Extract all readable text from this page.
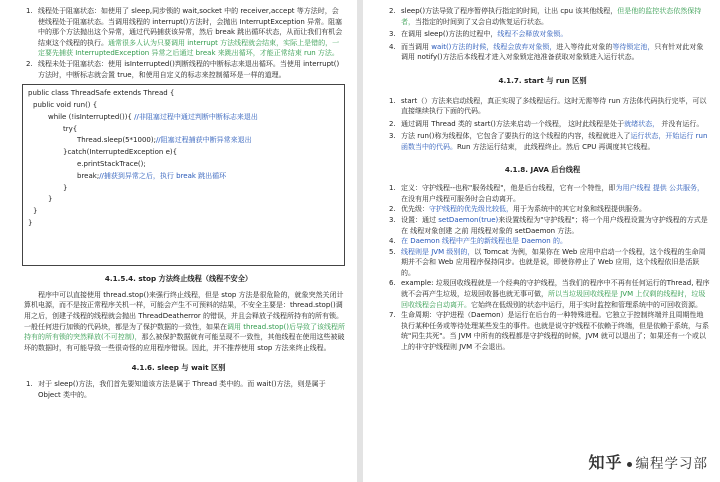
1. 线程处于阻塞状态：如使用了 sleep,同步锁的 wait,socket 中的 receiver,accept 等方法时，会使线程处于阻塞状态。当调用线程的 interrupt()方法时，会抛出 InterruptException 异常。阻塞中的那个方法抛出这个异常，通过代码捕获该异常，然后 break 跳出循环状态，从而让我们有机会结束这个线程的执行。通常很多人认为只要调用 interrupt 方法线程就会结束，实际上是错的，一定要先捕获 InterruptedException 异常之后通过 break 来跳出循环，才能正常结束 run 方法。
2. 线程未处于阻塞状态：使用 isInterrupted()判断线程的中断标志来退出循环。当使用 interrupt()方法时，中断标志就会置 true，和使用自定义的标志来控制循环是一样的道理。
public class ThreadSafe extends Thread {
public void run() {
while (!isInterrupted()){ //非阻塞过程中通过判断中断标志来退出
try{
Thread.sleep(5*1000);//阻塞过程捕获中断异常来退出
}catch(InterruptedException e){
e.printStackTrace();
break;//捕获到异常之后，执行 break 跳出循环
}
}
}
}
4.1.5.4. stop 方法终止线程（线程不安全）
程序中可以直接使用 thread.stop()来强行终止线程，但是 stop 方法是很危险的，就象突然关闭计算机电源，而不是按正常程序关机一样，可能会产生不可预料的结果，不安全主要是：thread.stop()调用之后，创建子线程的线程就会抛出 ThreadDeatherror 的错误，并且会释放子线程所持有的所有锁。一般任何进行加锁的代码块，都是为了保护数据的一致性，如果在调用 thread.stop()后导致了该线程所持有的所有锁的突然释放(不可控制)，那么被保护数据就有可能呈现不一致性，其他线程在使用这些被破坏的数据时，有可能导致一些很奇怪的应用程序错误。因此，并不推荐使用 stop 方法来终止线程。
4.1.6. sleep 与 wait 区别
1. 对于 sleep()方法，我们首先要知道该方法是属于 Thread 类中的。而 wait()方法，则是属于 Object 类中的。
2. sleep()方法导致了程序暂停执行指定的时间，让出 cpu 该其他线程，但是他的监控状态依然保持者，当指定的时间到了又会自动恢复运行状态。
3. 在调用 sleep()方法的过程中，线程不会释放对象锁。
4. 而当调用 wait()方法的时候，线程会放弃对象锁，进入等待此对象的等待锁定池，只有针对此对象调用 notify()方法后本线程才进入对象锁定池准备获取对象锁进入运行状态。
4.1.7. start 与 run 区别
1. start（）方法来启动线程，真正实现了多线程运行。这时无需等待 run 方法体代码执行完毕，可以直接继续执行下面的代码。
2. 通过调用 Thread 类的 start()方法来启动一个线程， 这时此线程是处于就绪状态， 并没有运行。
3. 方法 run()称为线程体，它包含了要执行的这个线程的内容，线程就进入了运行状态，开始运行 run 函数当中的代码。Run 方法运行结束， 此线程终止。然后 CPU 再调度其它线程。
4.1.8. JAVA 后台线程
1. 定义：守护线程--也称"服务线程"，他是后台线程，它有一个特性，即为用户线程 提供 公共服务，在没有用户线程可服务时会自动离开。
2. 优先级：守护线程的优先级比较低，用于为系统中的其它对象和线程提供服务。
3. 设置：通过 setDaemon(true)来设置线程为"守护线程"；将一个用户线程设置为守护线程的方式是在 线程对象创建 之前 用线程对象的 setDaemon 方法。
4. 在 Daemon 线程中产生的新线程也是 Daemon 的。
5. 线程则是 JVM 级别的，以 Tomcat 为例，如果你在 Web 应用中启动一个线程，这个线程的生命周期并不会和 Web 应用程序保持同步。也就是说，即使你停止了 Web 应用，这个线程依旧是活跃的。
6. example: 垃圾回收线程就是一个经典的守护线程，当我们的程序中不再有任何运行的Thread, 程序就不会再产生垃圾，垃圾回收器也就无事可做，所以当垃圾回收线程是 JVM 上仅剩的线程时，垃圾回收线程会自动离开。它始终在低级别的状态中运行，用于实时监控和管理系统中的可回收资源。
7. 生命周期：守护进程（Daemon）是运行在后台的一种特殊进程。它独立于控制终端并且周期性地执行某种任务或等待处理某些发生的事件。也就是说守护线程不依赖于终端，但是依赖于系统，与系统"同生共死"。当 JVM 中所有的线程都是守护线程的时候，JVM 就可以退出了；如果还有一个或以上的非守护线程则 JVM 不会退出。
知乎 编程学习部
